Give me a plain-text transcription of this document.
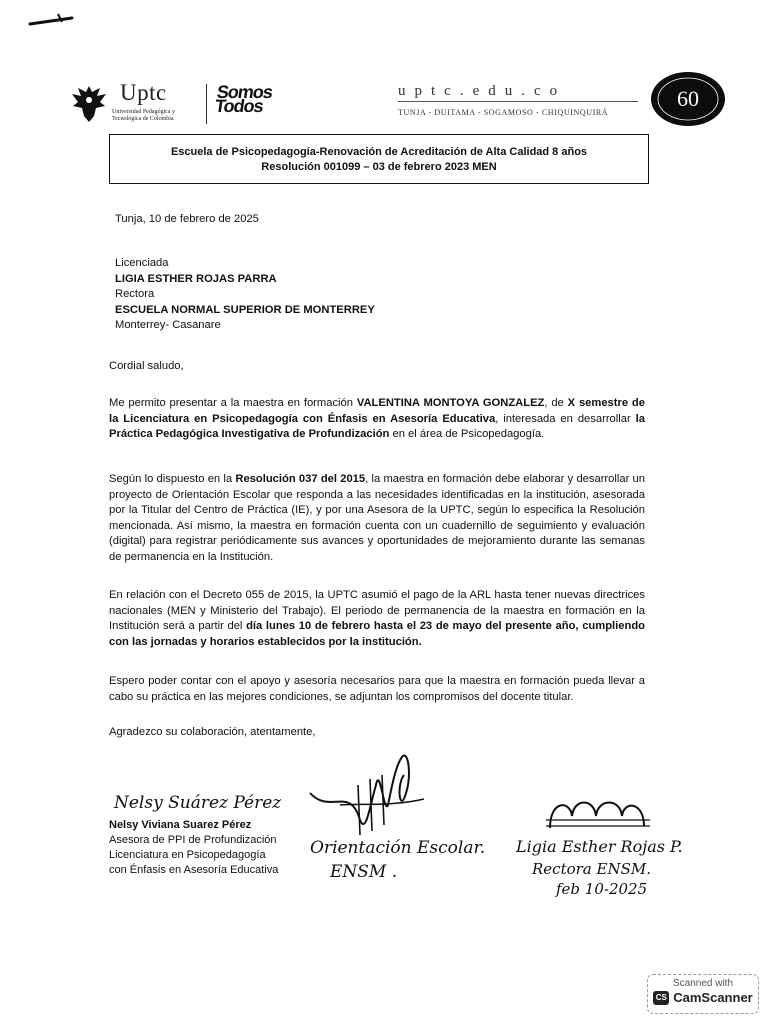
Uptc
Universidad Pedagógica y Tecnológica de Colombia
Somos Todos
uptc.edu.co
TUNJA - DUITAMA - SOGAMOSO - CHIQUINQUIRÁ
60
Escuela de Psicopedagogía-Renovación de Acreditación de Alta Calidad 8 años
Resolución 001099 – 03 de febrero 2023 MEN
Tunja, 10 de febrero de 2025
Licenciada
LIGIA ESTHER ROJAS PARRA
Rectora
ESCUELA NORMAL SUPERIOR DE MONTERREY
Monterrey- Casanare
Cordial saludo,
Me permito presentar a la maestra en formación VALENTINA MONTOYA GONZALEZ, de X semestre de la Licenciatura en Psicopedagogía con Énfasis en Asesoría Educativa, interesada en desarrollar la Práctica Pedagógica Investigativa de Profundización en el área de Psicopedagogía.
Según lo dispuesto en la Resolución 037 del 2015, la maestra en formación debe elaborar y desarrollar un proyecto de Orientación Escolar que responda a las necesidades identificadas en la institución, asesorada por la Titular del Centro de Práctica (IE), y por una Asesora de la UPTC, según lo especifica la Resolución mencionada. Así mismo, la maestra en formación cuenta con un cuadernillo de seguimiento y evaluación (digital) para registrar periódicamente sus avances y oportunidades de mejoramiento durante las semanas de permanencia en la Institución.
En relación con el Decreto 055 de 2015, la UPTC asumió el pago de la ARL hasta tener nuevas directrices nacionales (MEN y Ministerio del Trabajo). El periodo de permanencia de la maestra en formación en la Institución será a partir del día lunes 10 de febrero hasta el 23 de mayo del presente año, cumpliendo con las jornadas y horarios establecidos por la institución.
Espero poder contar con el apoyo y asesoría necesarios para que la maestra en formación pueda llevar a cabo su práctica en las mejores condiciones, se adjuntan los compromisos del docente titular.
Agradezco su colaboración, atentamente,
Nelsy Suárez Pérez
Nelsy Viviana Suarez Pérez
Asesora de PPI de Profundización
Licenciatura en Psicopedagogía
con Énfasis en Asesoría Educativa
Orientación Escolar.
ENSM .
Ligia Esther Rojas P.
Rectora ENSM.
feb 10-2025
Scanned with
CS CamScanner
